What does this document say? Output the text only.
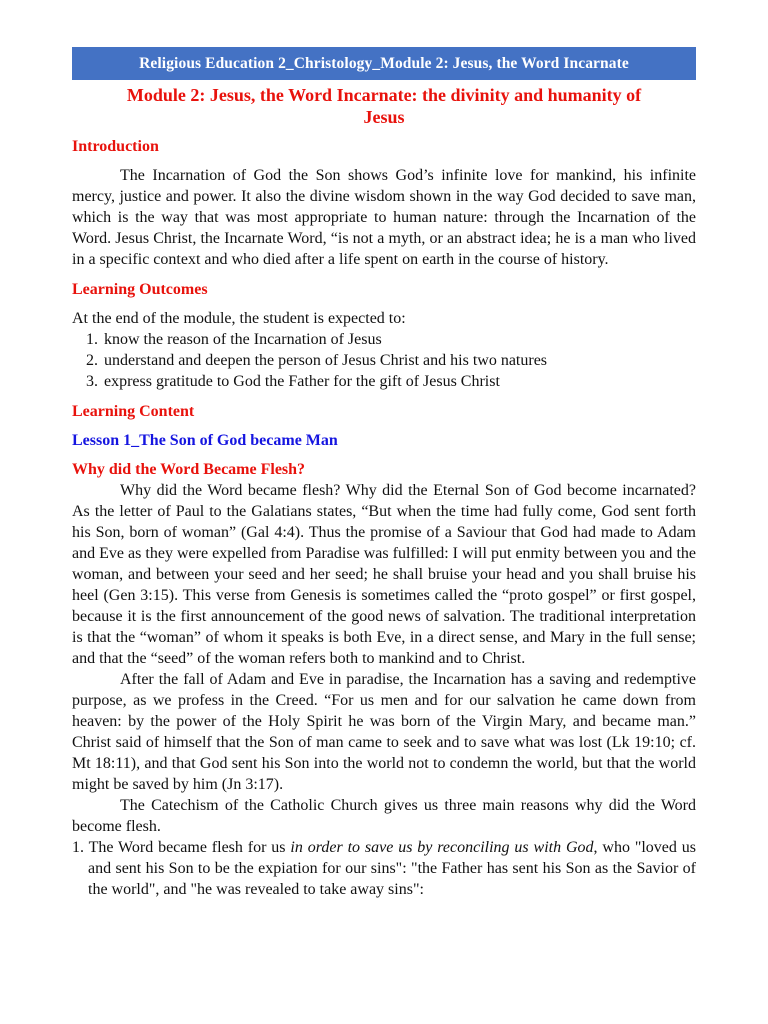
Religious Education 2_Christology_Module 2: Jesus, the Word Incarnate
Module 2: Jesus, the Word Incarnate: the divinity and humanity of
Jesus
Introduction

The Incarnation of God the Son shows God’s infinite love for mankind, his infinite mercy, justice and power. It also the divine wisdom shown in the way God decided to save man, which is the way that was most appropriate to human nature: through the Incarnation of the Word. Jesus Christ, the Incarnate Word, “is not a myth, or an abstract idea; he is a man who lived in a specific context and who died after a life spent on earth in the course of history.

Learning Outcomes

At the end of the module, the student is expected to:

1. know the reason of the Incarnation of Jesus
2. understand and deepen the person of Jesus Christ and his two natures
3. express gratitude to God the Father for the gift of Jesus Christ
Learning Content
Lesson 1_The Son of God became Man
Why did the Word Became Flesh?

Why did the Word became flesh? Why did the Eternal Son of God become incarnated? As the letter of Paul to the Galatians states, “But when the time had fully come, God sent forth his Son, born of woman” (Gal 4:4). Thus the promise of a Saviour that God had made to Adam and Eve as they were expelled from Paradise was fulfilled: I will put enmity between you and the woman, and between your seed and her seed; he shall bruise your head and you shall bruise his heel (Gen 3:15). This verse from Genesis is sometimes called the “proto gospel” or first gospel, because it is the first announcement of the good news of salvation. The traditional interpretation is that the “woman” of whom it speaks is both Eve, in a direct sense, and Mary in the full sense; and that the “seed” of the woman refers both to mankind and to Christ.

After the fall of Adam and Eve in paradise, the Incarnation has a saving and redemptive purpose, as we profess in the Creed. “For us men and for our salvation he came down from heaven: by the power of the Holy Spirit he was born of the Virgin Mary, and became man.” Christ said of himself that the Son of man came to seek and to save what was lost (Lk 19:10; cf. Mt 18:11), and that God sent his Son into the world not to condemn the world, but that the world might be saved by him (Jn 3:17).

The Catechism of the Catholic Church gives us three main reasons why did the Word become flesh.

1. The Word became flesh for us in order to save us by reconciling us with God, who "loved us and sent his Son to be the expiation for our sins": "the Father has sent his Son as the Savior of the world", and "he was revealed to take away sins":
